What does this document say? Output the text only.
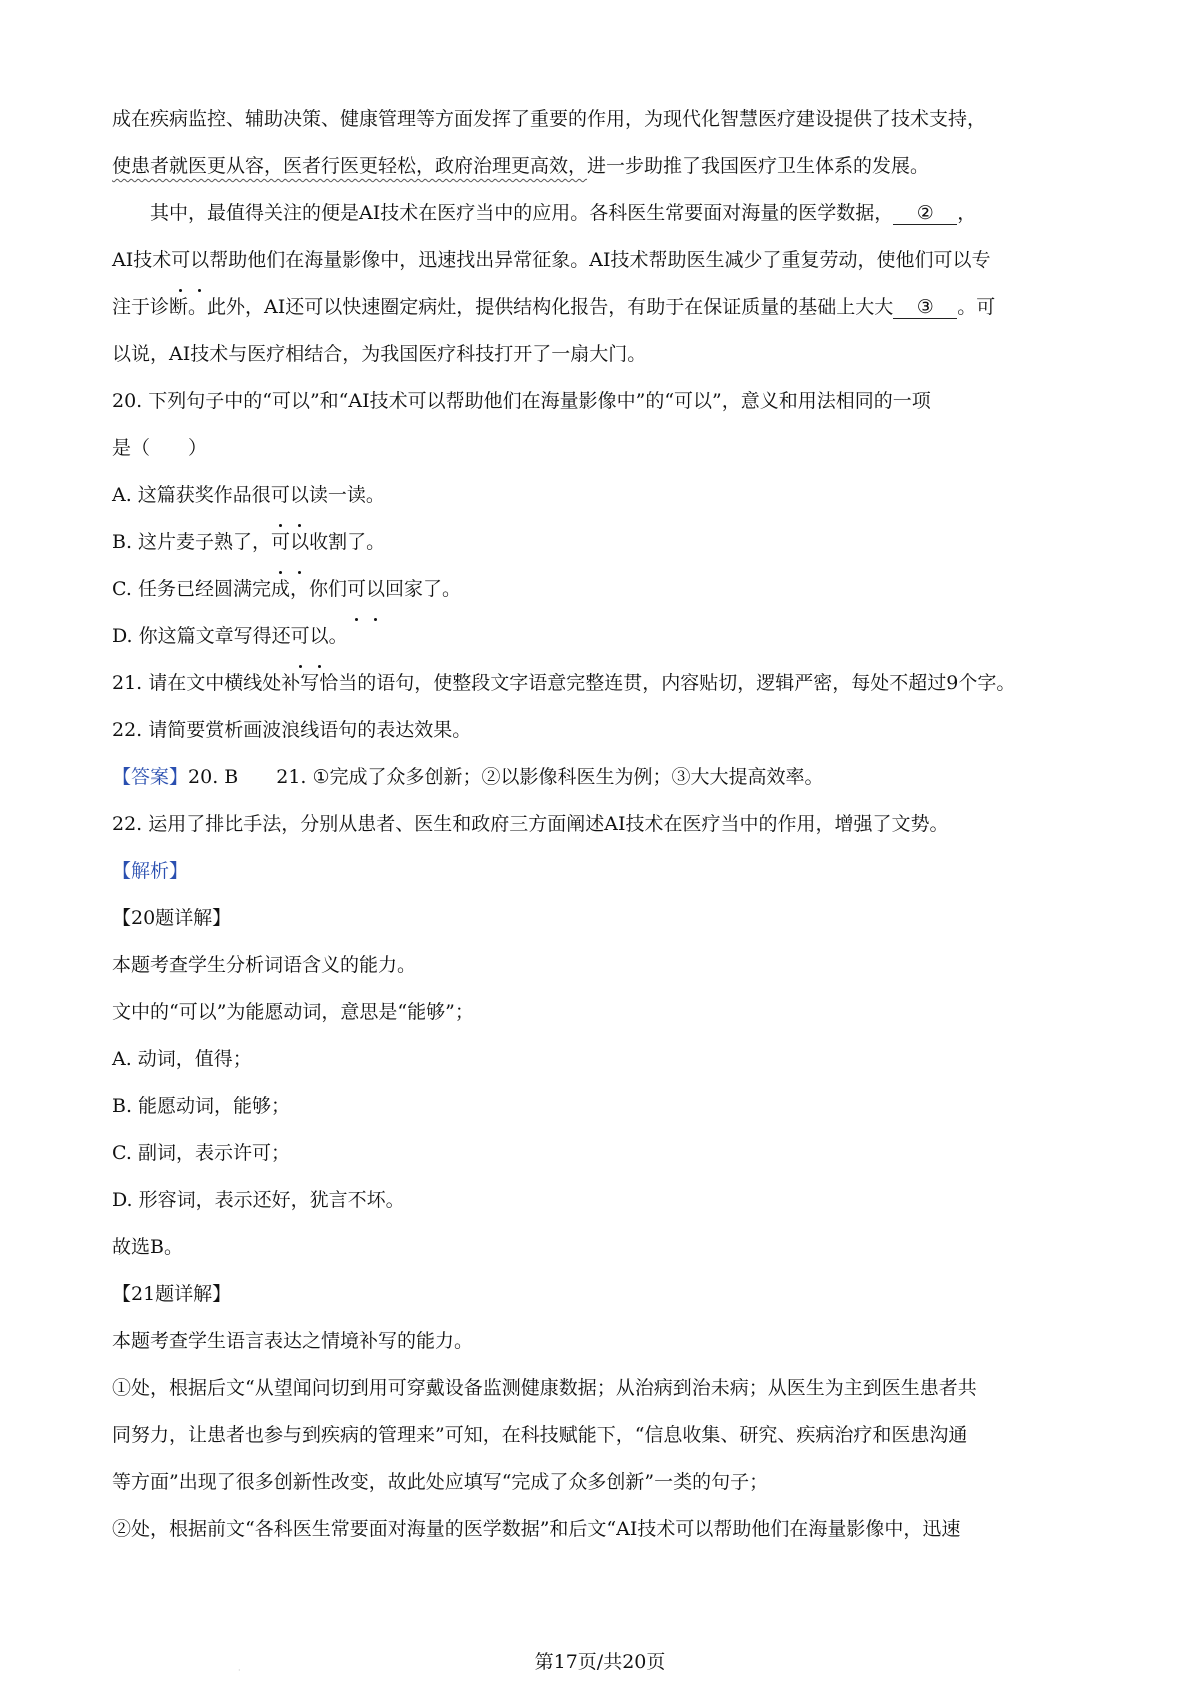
成在疾病监控、辅助决策、健康管理等方面发挥了重要的作用，为现代化智慧医疗建设提供了技术支持，

使患者就医更从容，医者行医更轻松，政府治理更高效，进一步助推了我国医疗卫生体系的发展。

其中，最值得关注的便是AI技术在医疗当中的应用。各科医生常要面对海量的医学数据， ② ，

AI技术可以帮助他们在海量影像中，迅速找出异常征象。AI技术帮助医生减少了重复劳动，使他们可以专

注于诊断。此外，AI还可以快速圈定病灶，提供结构化报告，有助于在保证质量的基础上大大 ③ 。可

以说，AI技术与医疗相结合，为我国医疗科技打开了一扇大门。

20. 下列句子中的“可以”和“AI技术可以帮助他们在海量影像中”的“可以”，意义和用法相同的一项

是（　　）

A. 这篇获奖作品很可以读一读。

B. 这片麦子熟了，可以收割了。

C. 任务已经圆满完成，你们可以回家了。

D. 你这篇文章写得还可以。

21. 请在文中横线处补写恰当的语句，使整段文字语意完整连贯，内容贴切，逻辑严密，每处不超过9个字。

22. 请简要赏析画波浪线语句的表达效果。

【答案】20. B 21. ①完成了众多创新；②以影像科医生为例；③大大提高效率。

22. 运用了排比手法，分别从患者、医生和政府三方面阐述AI技术在医疗当中的作用，增强了文势。

【解析】

【20题详解】

本题考查学生分析词语含义的能力。

文中的“可以”为能愿动词，意思是“能够”；

A. 动词，值得；

B. 能愿动词，能够；

C. 副词，表示许可；

D. 形容词，表示还好，犹言不坏。

故选B。

【21题详解】

本题考查学生语言表达之情境补写的能力。

①处，根据后文“从望闻问切到用可穿戴设备监测健康数据；从治病到治未病；从医生为主到医生患者共

同努力，让患者也参与到疾病的管理来”可知，在科技赋能下，“信息收集、研究、疾病治疗和医患沟通

等方面”出现了很多创新性改变，故此处应填写“完成了众多创新”一类的句子；

②处，根据前文“各科医生常要面对海量的医学数据”和后文“AI技术可以帮助他们在海量影像中，迅速

第17页/共20页
·
